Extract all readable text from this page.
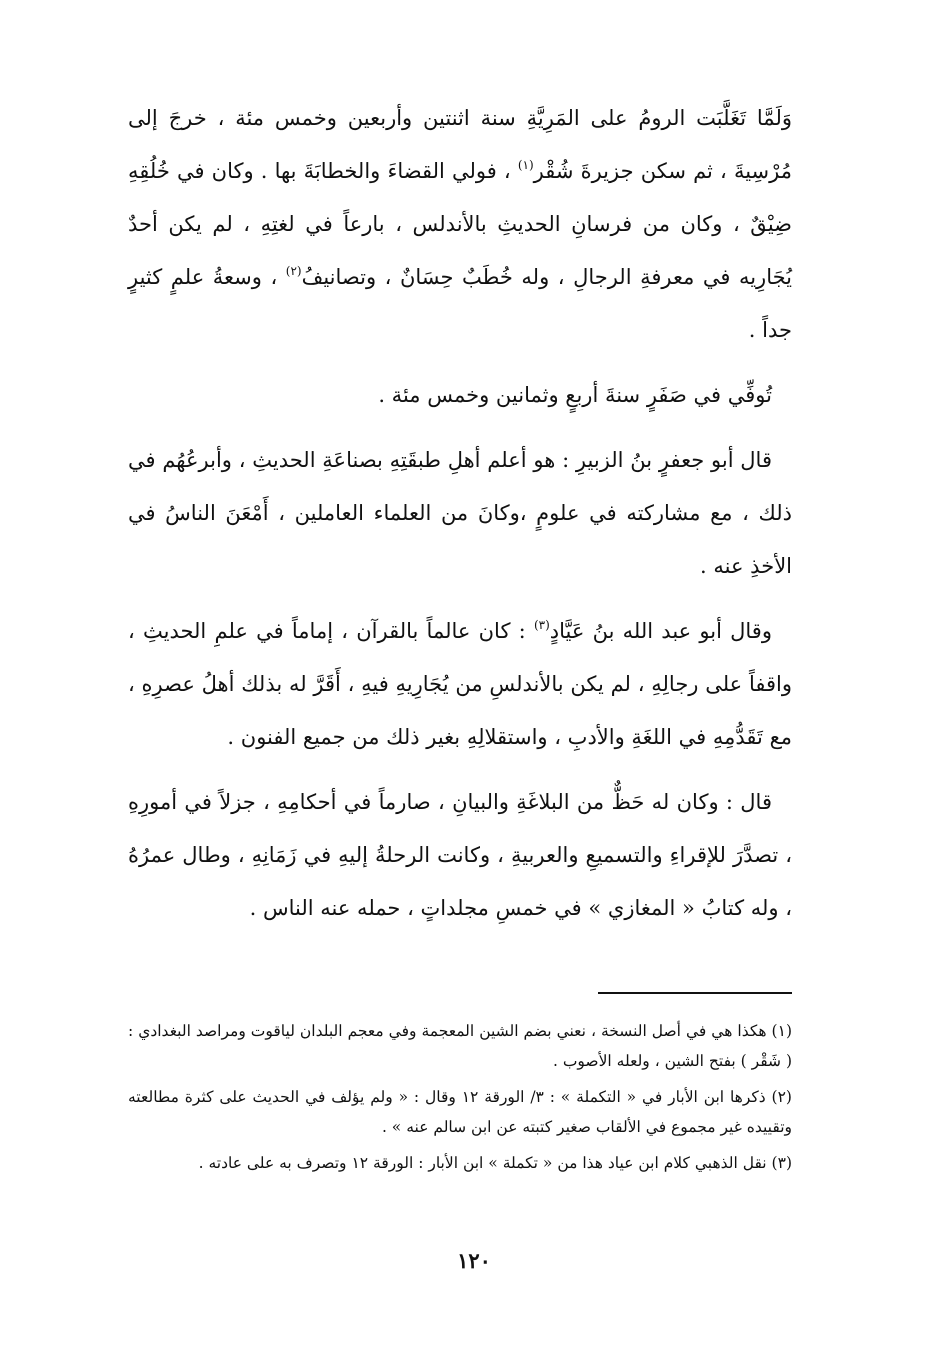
وَلَمَّا تَغَلَّبَت الرومُ على المَرِيَّةِ سنة اثنتين وأربعين وخمس مئة ، خرجَ إلى مُرْسِيةَ ، ثم سكن جزيرةَ شُقْر$^{(١)}$ ، فولي القضاءَ والخطابَةَ بها . وكان في خُلُقِهِ ضِيْقٌ ، وكان من فرسانِ الحديثِ بالأندلس ، بارعاً في لغتِهِ ، لم يكن أحدٌ يُجَارِيه في معرفةِ الرجالِ ، وله خُطَبٌ حِسَانٌ ، وتصانيفُ$^{(٢)}$ ، وسعةُ علمٍ كثيرٍ جداً .

تُوفِّي في صَفَرٍ سنةَ أربعٍ وثمانين وخمس مئة .

قال أبو جعفرٍ بنُ الزبيرِ : هو أعلم أهلِ طبقَتِهِ بصناعَةِ الحديثِ ، وأبرعُهُم في ذلك ، مع مشاركته في علومٍ ،وكانَ من العلماء العاملين ، أَمْعَنَ الناسُ في الأخذِ عنه .

وقال أبو عبد الله بنُ عَيَّادٍ$^{(٣)}$ : كان عالماً بالقرآن ، إماماً في علمِ الحديثِ ، واقفاً على رجالِهِ ، لم يكن بالأندلسِ من يُجَارِيهِ فيهِ ، أَقَرَّ له بذلك أهلُ عصرِهِ ، مع تَقَدُّمِهِ في اللغَةِ والأدبِ ، واستقلالِهِ بغير ذلك من جميع الفنون .

قال : وكان له حَظٌّ من البلاغَةِ والبيانِ ، صارماً في أحكامِهِ ، جزلاً في أمورِهِ ، تصدَّرَ للإقراءِ والتسميعِ والعربيةِ ، وكانت الرحلةُ إليهِ في زَمَانِهِ ، وطال عمرُهُ ، وله كتابُ « المغازي » في خمسِ مجلداتٍ ، حمله عنه الناس .

(١) هكذا هي في أصل النسخة ، نعني بضم الشين المعجمة وفي معجم البلدان لياقوت ومراصد البغدادي : ( شَقْر ) بفتح الشين ، ولعله الأصوب .

(٢) ذكرها ابن الأبار في « التكملة » : ٣/ الورقة ١٢ وقال : « ولم يؤلف في الحديث على كثرة مطالعته وتقييده غير مجموع في الألقاب صغير كتبته عن ابن سالم عنه » .

(٣) نقل الذهبي كلام ابن عياد هذا من « تكملة » ابن الأبار : الورقة ١٢ وتصرف به على عادته .

١٢٠
